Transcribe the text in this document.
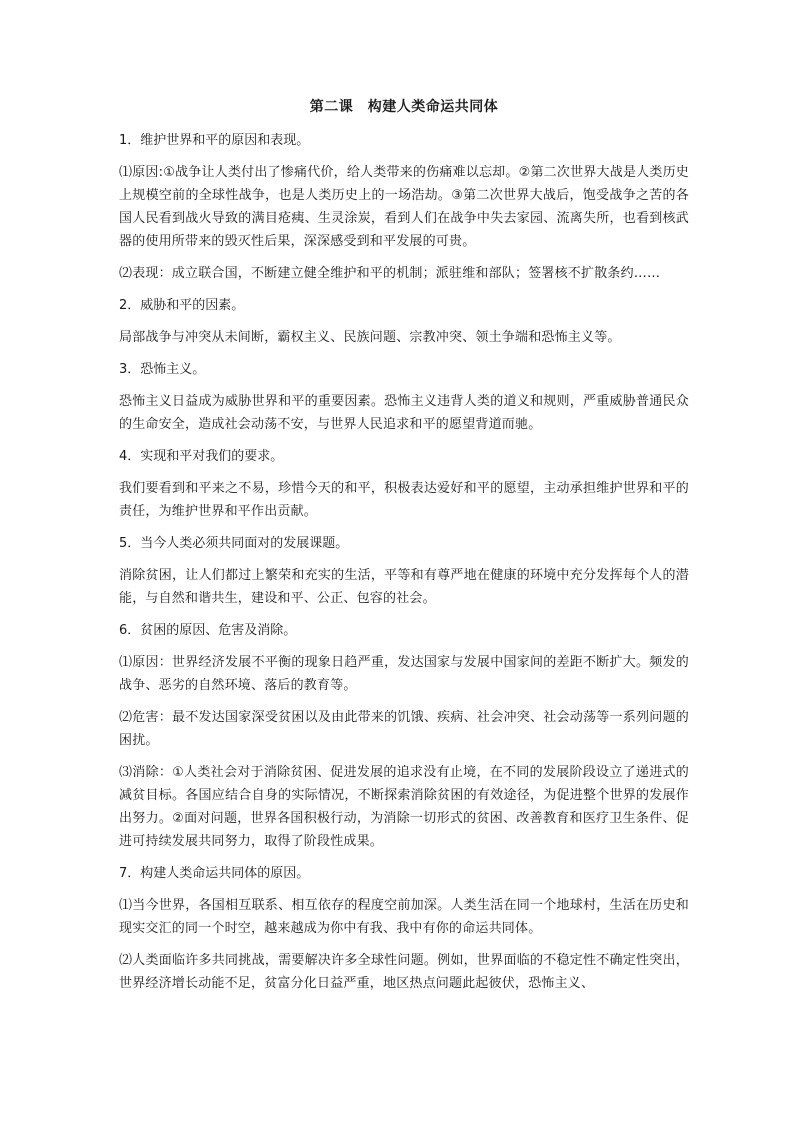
第二课　构建人类命运共同体
1．维护世界和平的原因和表现。
⑴原因:①战争让人类付出了惨痛代价，给人类带来的伤痛难以忘却。②第二次世界大战是人类历史上规模空前的全球性战争，也是人类历史上的一场浩劫。③第二次世界大战后，饱受战争之苦的各国人民看到战火导致的满目疮痍、生灵涂炭，看到人们在战争中失去家园、流离失所，也看到核武器的使用所带来的毁灭性后果，深深感受到和平发展的可贵。
⑵表现：成立联合国，不断建立健全维护和平的机制；派驻维和部队；签署核不扩散条约……
2．威胁和平的因素。
局部战争与冲突从未间断，霸权主义、民族问题、宗教冲突、领土争端和恐怖主义等。
3．恐怖主义。
恐怖主义日益成为威胁世界和平的重要因素。恐怖主义违背人类的道义和规则，严重威胁普通民众的生命安全，造成社会动荡不安，与世界人民追求和平的愿望背道而驰。
4．实现和平对我们的要求。
我们要看到和平来之不易，珍惜今天的和平，积极表达爱好和平的愿望，主动承担维护世界和平的责任，为维护世界和平作出贡献。
5．当今人类必须共同面对的发展课题。
消除贫困，让人们都过上繁荣和充实的生活，平等和有尊严地在健康的环境中充分发挥每个人的潜能，与自然和谐共生，建设和平、公正、包容的社会。
6．贫困的原因、危害及消除。
⑴原因：世界经济发展不平衡的现象日趋严重，发达国家与发展中国家间的差距不断扩大。频发的战争、恶劣的自然环境、落后的教育等。
⑵危害：最不发达国家深受贫困以及由此带来的饥饿、疾病、社会冲突、社会动荡等一系列问题的困扰。
⑶消除：①人类社会对于消除贫困、促进发展的追求没有止境，在不同的发展阶段设立了递进式的减贫目标。各国应结合自身的实际情况，不断探索消除贫困的有效途径，为促进整个世界的发展作出努力。②面对问题，世界各国积极行动，为消除一切形式的贫困、改善教育和医疗卫生条件、促进可持续发展共同努力，取得了阶段性成果。
7．构建人类命运共同体的原因。
⑴当今世界，各国相互联系、相互依存的程度空前加深。人类生活在同一个地球村，生活在历史和现实交汇的同一个时空，越来越成为你中有我、我中有你的命运共同体。
⑵人类面临许多共同挑战，需要解决许多全球性问题。例如，世界面临的不稳定性不确定性突出，世界经济增长动能不足，贫富分化日益严重，地区热点问题此起彼伏，恐怖主义、
